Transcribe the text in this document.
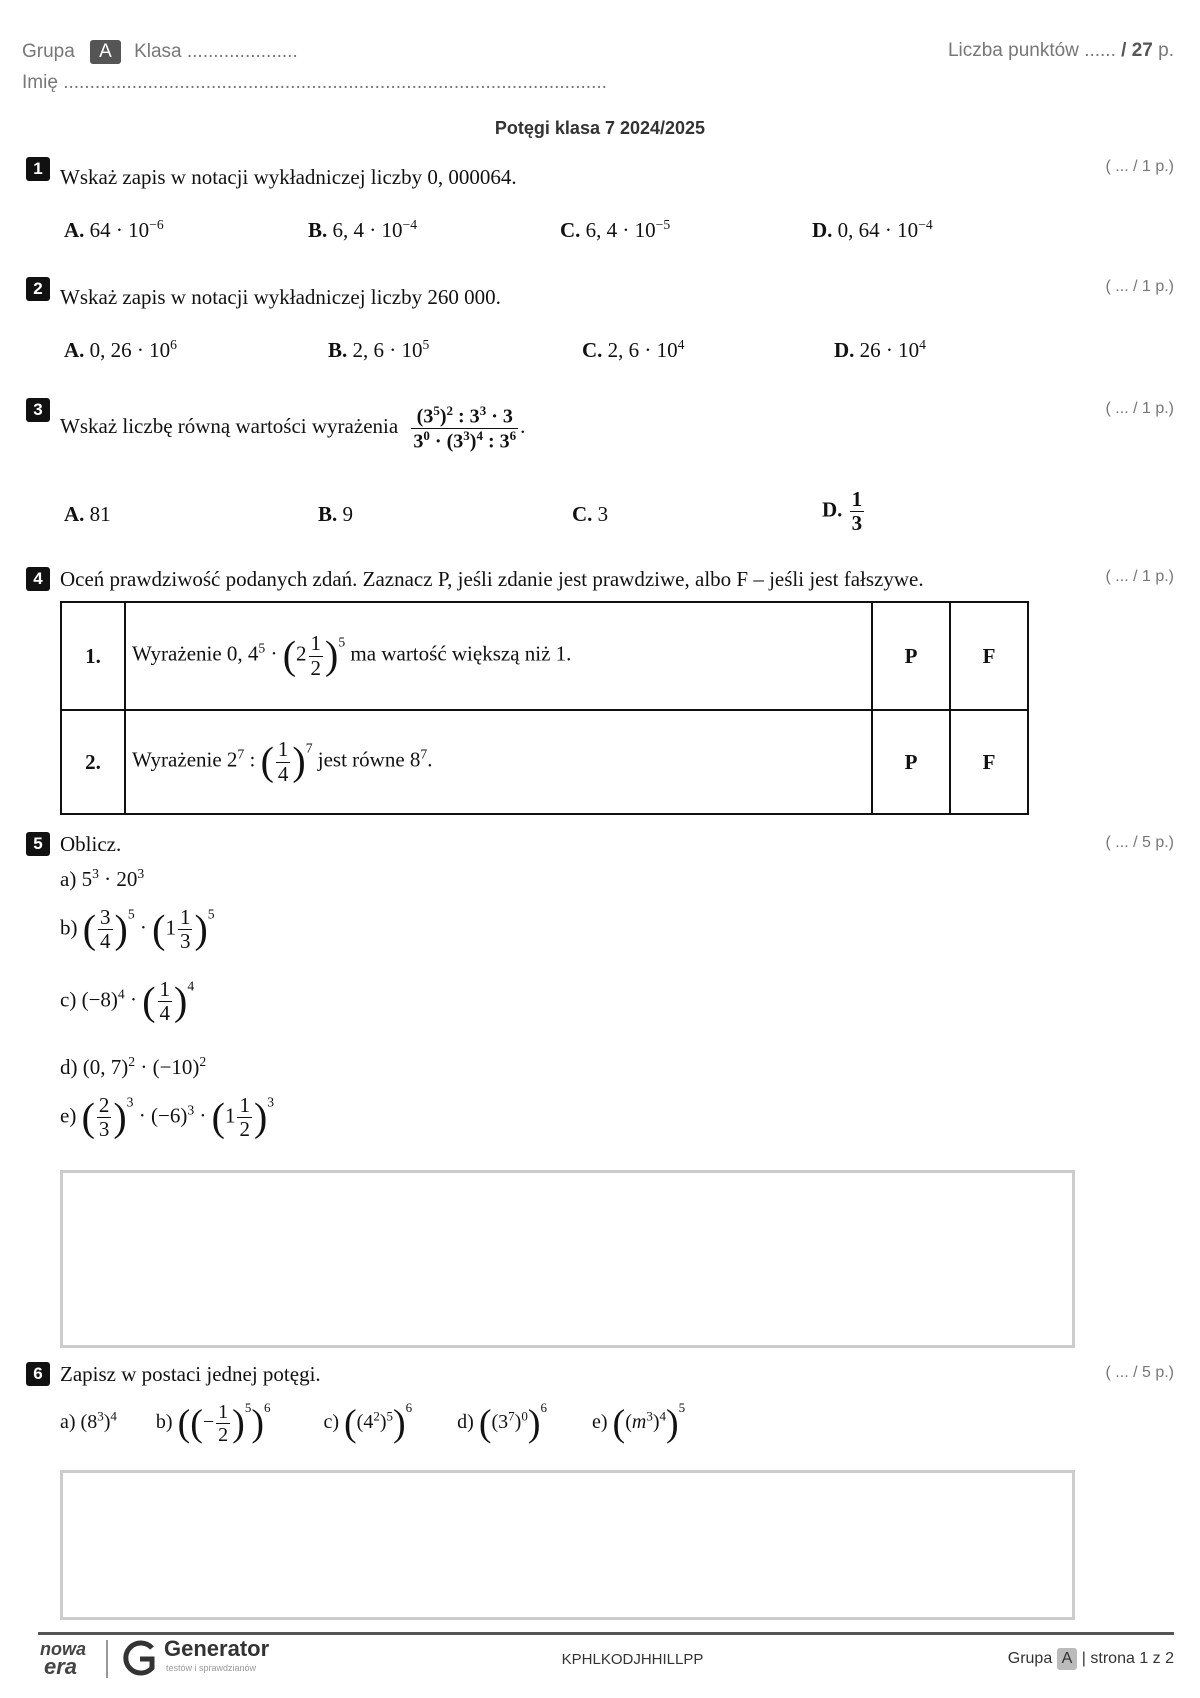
Grupa A Klasa .....................	Liczba punktów ...... / 27 p.
Imię .......................................................................................................
Potęgi klasa 7 2024/2025
1 Wskaż zapis w notacji wykładniczej liczby 0, 000064.	( ... / 1 p.)
A. $64 \cdot 10^{-6}$	B. 6, $4 \cdot 10^{-4}$	C. 6, $4 \cdot 10^{-5}$	D. 0, $64 \cdot 10^{-4}$
2 Wskaż zapis w notacji wykładniczej liczby 260 000.	( ... / 1 p.)
A. 0, $26 \cdot 10^6$	B. 2, $6 \cdot 10^5$	C. 2, $6 \cdot 10^4$	D. $26 \cdot 10^4$
3	( ... / 1 p.)
Wskaż liczbę równą wartości wyrażenia $\frac{(3^5)^2 : 3^3 \cdot 3}{3^0 \cdot (3^3)^4 : 3^6}$ .
A. 81	B. 9	C. 3	D. $\frac{1}{3}$
4 Oceń prawdziwość podanych zdań. Zaznacz P, jeśli zdanie jest prawdziwe, albo F – jeśli jest fałszywe.	( ... / 1 p.)
1.	Wyrażenie 0, $4^5 \cdot (2 \frac{1}{2} )^5$ ma wartość większą niż 1.	P	F
2.	Wyrażenie $2^7$ : ( $\frac{1}{4} )^7$ jest równe $8^7$.	P	F
5 Oblicz.	( ... / 5 p.)
a) $5^3 \cdot 20^3$
b) ( $\frac{3}{4} )^5 \cdot (1 \frac{1}{3} )^5$
c) $(-8)^4$ · ( $\frac{1}{4} )^4$
d) (0, $7)^2 \cdot (-10)^2$
e) ( $\frac{2}{3} )^3 \cdot (-6)^3 \cdot (1 \frac{1}{2} )^3$
6 Zapisz w postaci jednej potęgi.	( ... / 5 p.)
a) $(8^3)^4$ b) ((− $\frac{1}{2} )^5)^6$ c) $((4^2)^5)^6$ d) $((3^7)^0)^6$ e) $((m^3)^4)^5$
nowa
era
Generator
testów i sprawdzianów	KPHLKODJHHILLPP	Grupa A | strona 1 z 2
